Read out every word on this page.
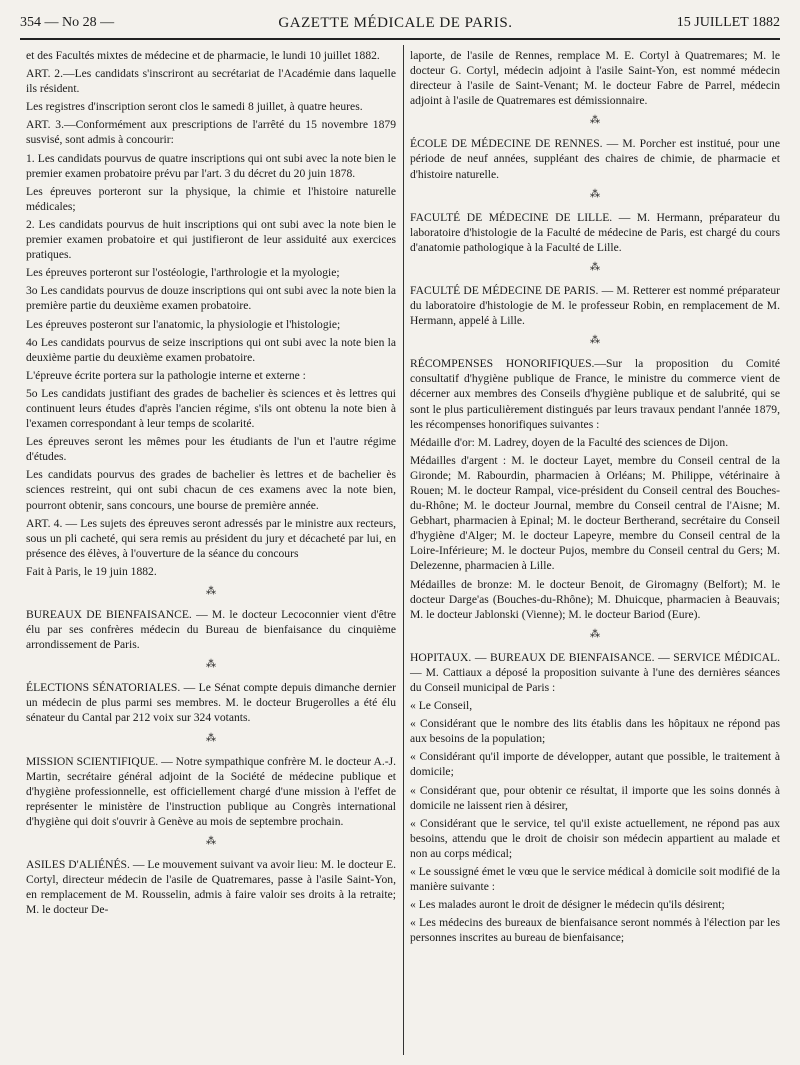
354 — No 28 —	GAZETTE MÉDICALE DE PARIS.	15 JUILLET 1882

et des Facultés mixtes de médecine et de pharmacie, le lundi 10 juillet 1882.

ART. 2.—Les candidats s'inscriront au secrétariat de l'Académie dans laquelle ils résident.

Les registres d'inscription seront clos le samedi 8 juillet, à quatre heures.

ART. 3.—Conformément aux prescriptions de l'arrêté du 15 novembre 1879 susvisé, sont admis à concourir:

1. Les candidats pourvus de quatre inscriptions qui ont subi avec la note bien le premier examen probatoire prévu par l'art. 3 du décret du 20 juin 1878.

Les épreuves porteront sur la physique, la chimie et l'histoire naturelle médicales;

2. Les candidats pourvus de huit inscriptions qui ont subi avec la note bien le premier examen probatoire et qui justifieront de leur assiduité aux exercices pratiques.

Les épreuves porteront sur l'ostéologie, l'arthrologie et la myologie;

3o Les candidats pourvus de douze inscriptions qui ont subi avec la note bien la première partie du deuxième examen probatoire.

Les épreuves posteront sur l'anatomic, la physiologie et l'histologie;

4o Les candidats pourvus de seize inscriptions qui ont subi avec la note bien la deuxième partie du deuxième examen probatoire.

L'épreuve écrite portera sur la pathologie interne et externe :

5o Les candidats justifiant des grades de bachelier ès sciences et ès lettres qui continuent leurs études d'après l'ancien régime, s'ils ont obtenu la note bien à l'examen correspondant à leur temps de scolarité.

Les épreuves seront les mêmes pour les étudiants de l'un et l'autre régime d'études.

Les candidats pourvus des grades de bachelier ès lettres et de bachelier ès sciences restreint, qui ont subi chacun de ces examens avec la note bien, pourront obtenir, sans concours, une bourse de première année.

ART. 4. — Les sujets des épreuves seront adressés par le ministre aux recteurs, sous un pli cacheté, qui sera remis au président du jury et décacheté par lui, en présence des élèves, à l'ouverture de la séance du concours

Fait à Paris, le 19 juin 1882.

⁂

BUREAUX DE BIENFAISANCE. — M. le docteur Lecoconnier vient d'être élu par ses confrères médecin du Bureau de bienfaisance du cinquième arrondissement de Paris.

⁂

ÉLECTIONS SÉNATORIALES. — Le Sénat compte depuis dimanche dernier un médecin de plus parmi ses membres. M. le docteur Brugerolles a été élu sénateur du Cantal par 212 voix sur 324 votants.

⁂

MISSION SCIENTIFIQUE. — Notre sympathique confrère M. le docteur A.-J. Martin, secrétaire général adjoint de la Société de médecine publique et d'hygiène professionnelle, est officiellement chargé d'une mission à l'effet de représenter le ministère de l'instruction publique au Congrès international d'hygiène qui doit s'ouvrir à Genève au mois de septembre prochain.

⁂

ASILES D'ALIÉNÉS. — Le mouvement suivant va avoir lieu: M. le docteur E. Cortyl, directeur médecin de l'asile de Quatremares, passe à l'asile Saint-Yon, en remplacement de M. Rousselin, admis à faire valoir ses droits à la retraite; M. le docteur De-

laporte, de l'asile de Rennes, remplace M. E. Cortyl à Quatremares; M. le docteur G. Cortyl, médecin adjoint à l'asile Saint-Yon, est nommé médecin directeur à l'asile de Saint-Venant; M. le docteur Fabre de Parrel, médecin adjoint à l'asile de Quatremares est démissionnaire.

⁂

ÉCOLE DE MÉDECINE DE RENNES. — M. Porcher est institué, pour une période de neuf années, suppléant des chaires de chimie, de pharmacie et d'histoire naturelle.

⁂

FACULTÉ DE MÉDECINE DE LILLE. — M. Hermann, préparateur du laboratoire d'histologie de la Faculté de médecine de Paris, est chargé du cours d'anatomie pathologique à la Faculté de Lille.

⁂

FACULTÉ DE MÉDECINE DE PARIS. — M. Retterer est nommé préparateur du laboratoire d'histologie de M. le professeur Robin, en remplacement de M. Hermann, appelé à Lille.

⁂

RÉCOMPENSES HONORIFIQUES.—Sur la proposition du Comité consultatif d'hygiène publique de France, le ministre du commerce vient de décerner aux membres des Conseils d'hygiène publique et de salubrité, qui se sont le plus particulièrement distingués par leurs travaux pendant l'année 1879, les récompenses honorifiques suivantes :

Médaille d'or: M. Ladrey, doyen de la Faculté des sciences de Dijon.

Médailles d'argent : M. le docteur Layet, membre du Conseil central de la Gironde; M. Rabourdin, pharmacien à Orléans; M. Philippe, vétérinaire à Rouen; M. le docteur Rampal, vice-président du Conseil central des Bouches-du-Rhône; M. le docteur Journal, membre du Conseil central de l'Aisne; M. Gebhart, pharmacien à Epinal; M. le docteur Bertherand, secrétaire du Conseil d'hygiène d'Alger; M. le docteur Lapeyre, membre du Conseil central de la Loire-Inférieure; M. le docteur Pujos, membre du Conseil central du Gers; M. Delezenne, pharmacien à Lille.

Médailles de bronze: M. le docteur Benoit, de Giromagny (Belfort); M. le docteur Darge'as (Bouches-du-Rhône); M. Dhuicque, pharmacien à Beauvais; M. le docteur Jablonski (Vienne); M. le docteur Bariod (Eure).

⁂

HOPITAUX. — BUREAUX DE BIENFAISANCE. — SERVICE MÉDICAL. — M. Cattiaux a déposé la proposition suivante à l'une des dernières séances du Conseil municipal de Paris :

« Le Conseil,

« Considérant que le nombre des lits établis dans les hôpitaux ne répond pas aux besoins de la population;

« Considérant qu'il importe de développer, autant que possible, le traitement à domicile;

« Considérant que, pour obtenir ce résultat, il importe que les soins donnés à domicile ne laissent rien à désirer,

« Considérant que le service, tel qu'il existe actuellement, ne répond pas aux besoins, attendu que le droit de choisir son médecin appartient au malade et non au corps médical;

« Le soussigné émet le vœu que le service médical à domicile soit modifié de la manière suivante :

« Les malades auront le droit de désigner le médecin qu'ils désirent;

« Les médecins des bureaux de bienfaisance seront nommés à l'élection par les personnes inscrites au bureau de bienfaisance;
